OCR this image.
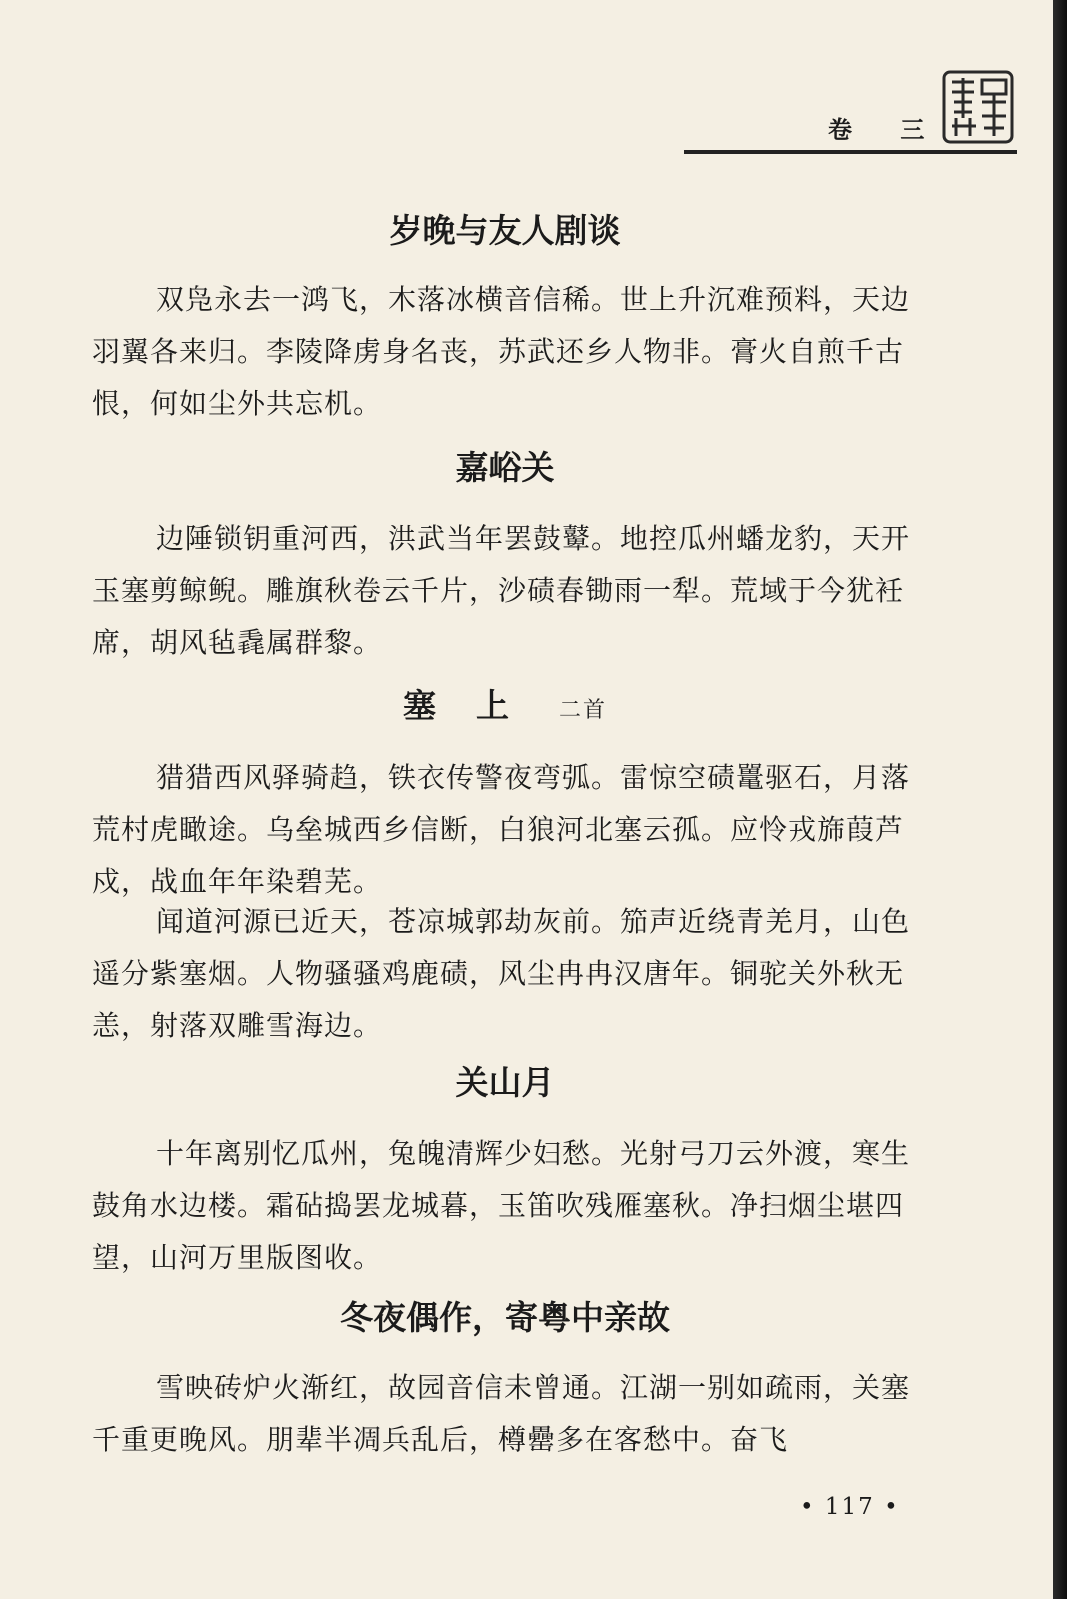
卷 三
岁晚与友人剧谈
双凫永去一鸿飞，木落冰横音信稀。世上升沉难预料，天边羽翼各来归。李陵降虏身名丧，苏武还乡人物非。膏火自煎千古恨，何如尘外共忘机。
嘉峪关
边陲锁钥重河西，洪武当年罢鼓鼙。地控瓜州蟠龙豹，天开玉塞剪鲸鲵。雕旗秋卷云千片，沙碛春锄雨一犁。荒域于今犹衽席，胡风毡毳属群黎。
塞上 二首
猎猎西风驿骑趋，铁衣传警夜弯弧。雷惊空碛鼍驱石，月落荒村虎瞰途。乌垒城西乡信断，白狼河北塞云孤。应怜戎旆葭芦戍，战血年年染碧芜。
闻道河源已近天，苍凉城郭劫灰前。笳声近绕青羌月，山色遥分紫塞烟。人物骚骚鸡鹿碛，风尘冉冉汉唐年。铜驼关外秋无恙，射落双雕雪海边。
关山月
十年离别忆瓜州，兔魄清辉少妇愁。光射弓刀云外渡，寒生鼓角水边楼。霜砧捣罢龙城暮，玉笛吹残雁塞秋。净扫烟尘堪四望，山河万里版图收。
冬夜偶作，寄粤中亲故
雪映砖炉火渐红，故园音信未曾通。江湖一别如疏雨，关塞千重更晚风。朋辈半凋兵乱后，樽罍多在客愁中。奋飞
• 117 •
